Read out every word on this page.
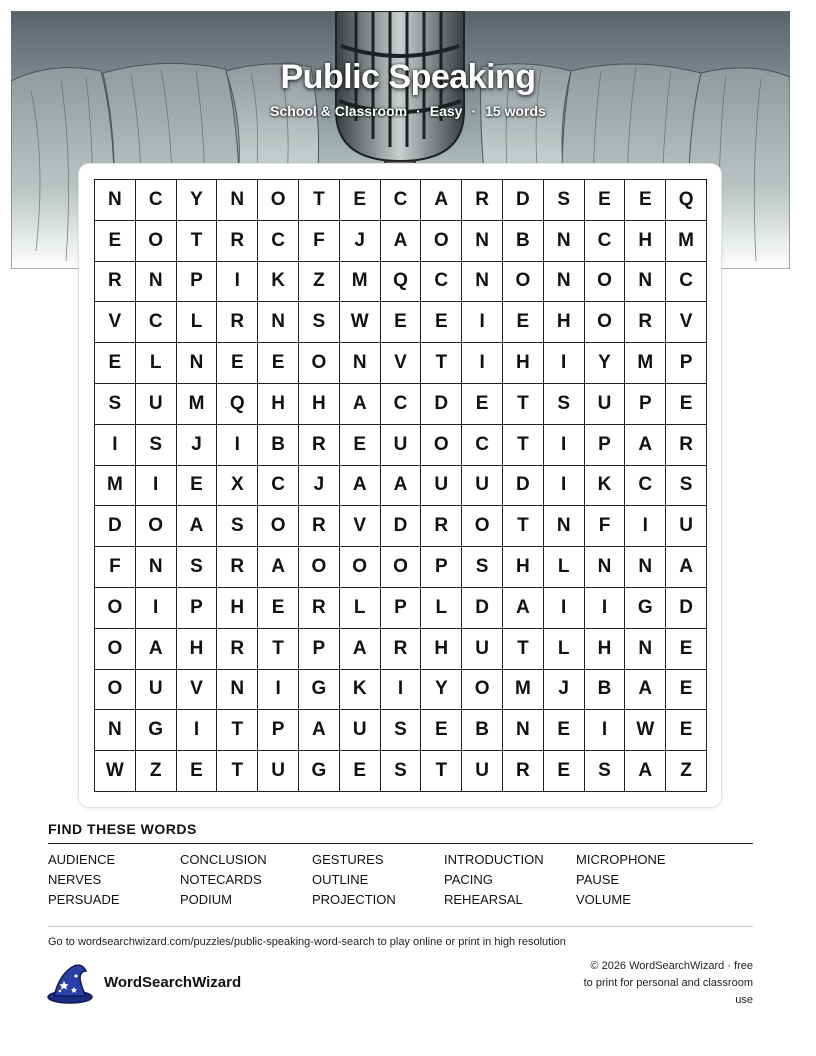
Public Speaking
School & Classroom · Easy · 15 words
N	C	Y	N	O	T	E	C	A	R	D	S	E	E	Q
E	O	T	R	C	F	J	A	O	N	B	N	C	H	M
R	N	P	I	K	Z	M	Q	C	N	O	N	O	N	C
V	C	L	R	N	S	W	E	E	I	E	H	O	R	V
E	L	N	E	E	O	N	V	T	I	H	I	Y	M	P
S	U	M	Q	H	H	A	C	D	E	T	S	U	P	E
I	S	J	I	B	R	E	U	O	C	T	I	P	A	R
M	I	E	X	C	J	A	A	U	U	D	I	K	C	S
D	O	A	S	O	R	V	D	R	O	T	N	F	I	U
F	N	S	R	A	O	O	O	P	S	H	L	N	N	A
O	I	P	H	E	R	L	P	L	D	A	I	I	G	D
O	A	H	R	T	P	A	R	H	U	T	L	H	N	E
O	U	V	N	I	G	K	I	Y	O	M	J	B	A	E
N	G	I	T	P	A	U	S	E	B	N	E	I	W	E
W	Z	E	T	U	G	E	S	T	U	R	E	S	A	Z
FIND THESE WORDS
AUDIENCE	CONCLUSION	GESTURES	INTRODUCTION	MICROPHONE
NERVES	NOTECARDS	OUTLINE	PACING	PAUSE
PERSUADE	PODIUM	PROJECTION	REHEARSAL	VOLUME
Go to wordsearchwizard.com/puzzles/public-speaking-word-search to play online or print in high resolution
WordSearchWizard
© 2026 WordSearchWizard · free to print for personal and classroom use
